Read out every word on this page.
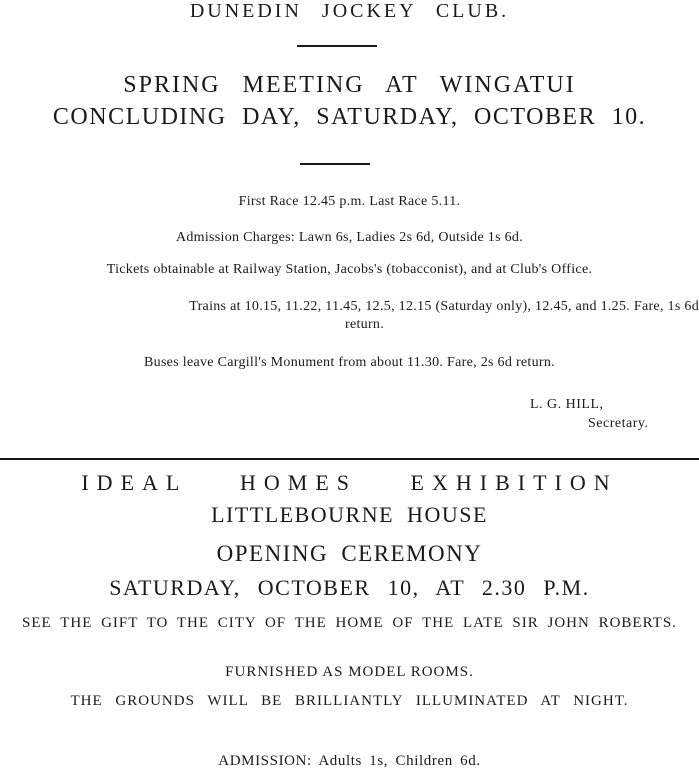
DUNEDIN JOCKEY CLUB.
SPRING MEETING AT WINGATUI
CONCLUDING DAY, SATURDAY, OCTOBER 10.
First Race 12.45 p.m. Last Race 5.11.
Admission Charges: Lawn 6s, Ladies 2s 6d, Outside 1s 6d.
Tickets obtainable at Railway Station, Jacobs's (tobacconist), and at Club's Office.
Trains at 10.15, 11.22, 11.45, 12.5, 12.15 (Saturday only), 12.45, and 1.25. Fare, 1s 6d
return.
Buses leave Cargill's Monument from about 11.30. Fare, 2s 6d return.
L. G. HILL,
Secretary.
IDEAL HOMES EXHIBITION
LITTLEBOURNE HOUSE
OPENING CEREMONY
SATURDAY, OCTOBER 10, AT 2.30 P.M.
SEE THE GIFT TO THE CITY OF THE HOME OF THE LATE SIR JOHN ROBERTS.
FURNISHED AS MODEL ROOMS.
THE GROUNDS WILL BE BRILLIANTLY ILLUMINATED AT NIGHT.
ADMISSION: Adults 1s, Children 6d.
